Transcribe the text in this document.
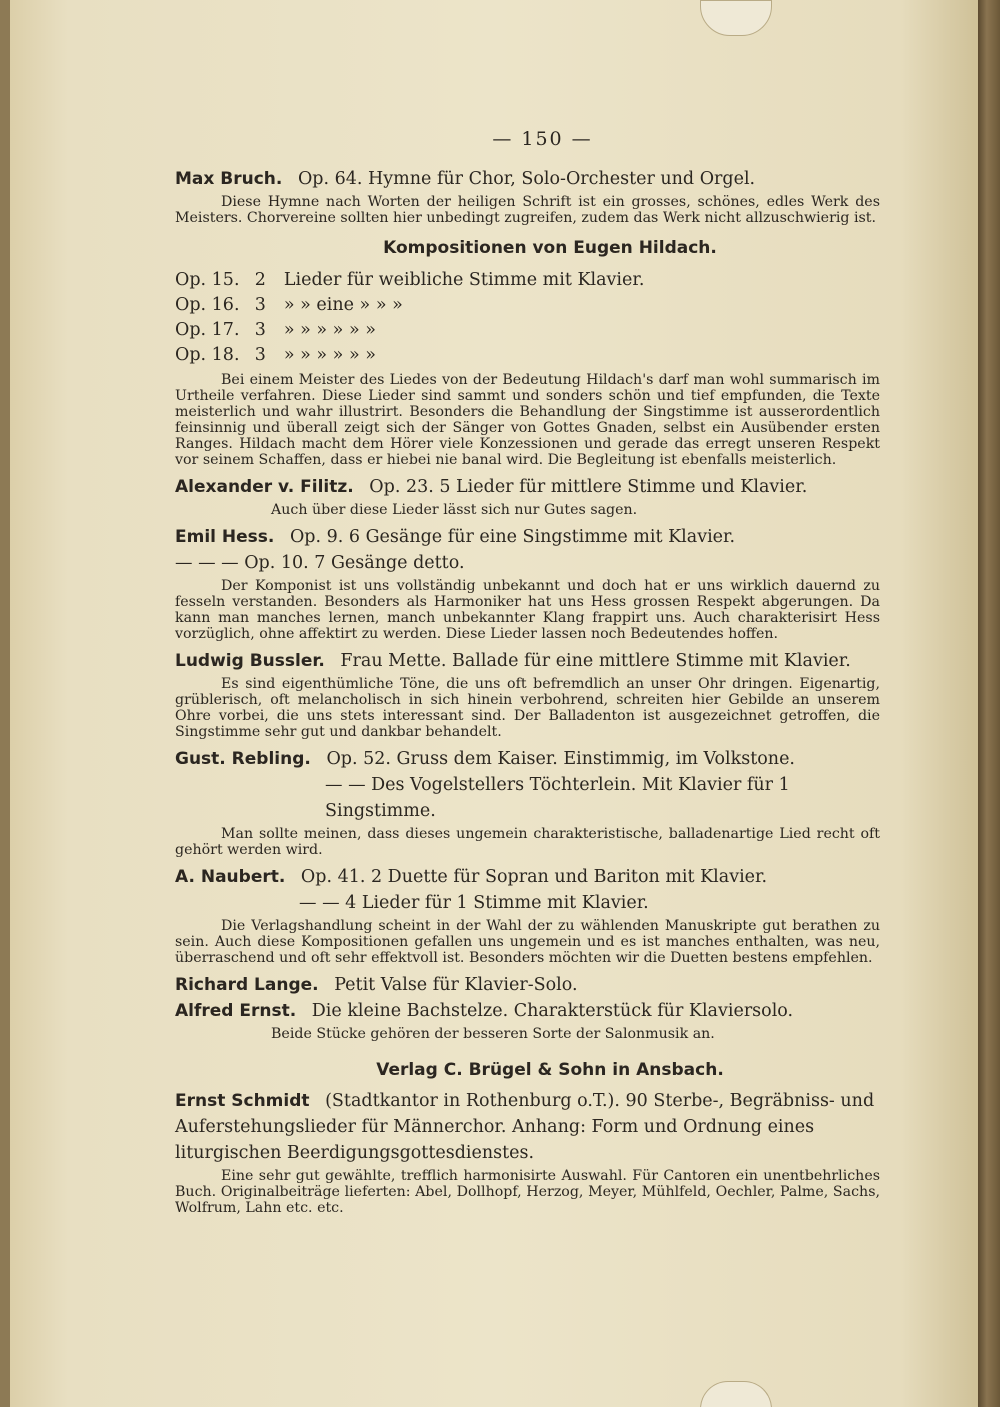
— 150 —

Max Bruch. Op. 64. Hymne für Chor, Solo-Orchester und Orgel.

Diese Hymne nach Worten der heiligen Schrift ist ein grosses, schönes, edles Werk des Meisters. Chorvereine sollten hier unbedingt zugreifen, zudem das Werk nicht allzuschwierig ist.

Kompositionen von Eugen Hildach.
Op. 15.	2	Lieder für weibliche Stimme mit Klavier.
Op. 16.	3	» » eine » » »
Op. 17.	3	» » » » » »
Op. 18.	3	» » » » » »

Bei einem Meister des Liedes von der Bedeutung Hildach's darf man wohl summarisch im Urtheile verfahren. Diese Lieder sind sammt und sonders schön und tief empfunden, die Texte meisterlich und wahr illustrirt. Besonders die Behandlung der Singstimme ist ausserordentlich feinsinnig und überall zeigt sich der Sänger von Gottes Gnaden, selbst ein Ausübender ersten Ranges. Hildach macht dem Hörer viele Konzessionen und gerade das erregt unseren Respekt vor seinem Schaffen, dass er hiebei nie banal wird. Die Begleitung ist ebenfalls meisterlich.

Alexander v. Filitz. Op. 23. 5 Lieder für mittlere Stimme und Klavier.

Auch über diese Lieder lässt sich nur Gutes sagen.

Emil Hess. Op. 9. 6 Gesänge für eine Singstimme mit Klavier.

— — — Op. 10. 7 Gesänge detto.

Der Komponist ist uns vollständig unbekannt und doch hat er uns wirklich dauernd zu fesseln verstanden. Besonders als Harmoniker hat uns Hess grossen Respekt abgerungen. Da kann man manches lernen, manch unbekannter Klang frappirt uns. Auch charakterisirt Hess vorzüglich, ohne affektirt zu werden. Diese Lieder lassen noch Bedeutendes hoffen.

Ludwig Bussler. Frau Mette. Ballade für eine mittlere Stimme mit Klavier.

Es sind eigenthümliche Töne, die uns oft befremdlich an unser Ohr dringen. Eigenartig, grüblerisch, oft melancholisch in sich hinein verbohrend, schreiten hier Gebilde an unserem Ohre vorbei, die uns stets interessant sind. Der Balladenton ist ausgezeichnet getroffen, die Singstimme sehr gut und dankbar behandelt.

Gust. Rebling. Op. 52. Gruss dem Kaiser. Einstimmig, im Volkstone.

— — Des Vogelstellers Töchterlein. Mit Klavier für 1 Singstimme.

Man sollte meinen, dass dieses ungemein charakteristische, balladenartige Lied recht oft gehört werden wird.

A. Naubert. Op. 41. 2 Duette für Sopran und Bariton mit Klavier.

— — 4 Lieder für 1 Stimme mit Klavier.

Die Verlagshandlung scheint in der Wahl der zu wählenden Manuskripte gut berathen zu sein. Auch diese Kompositionen gefallen uns ungemein und es ist manches enthalten, was neu, überraschend und oft sehr effektvoll ist. Besonders möchten wir die Duetten bestens empfehlen.

Richard Lange. Petit Valse für Klavier-Solo.

Alfred Ernst. Die kleine Bachstelze. Charakterstück für Klaviersolo.

Beide Stücke gehören der besseren Sorte der Salonmusik an.

Verlag C. Brügel & Sohn in Ansbach.

Ernst Schmidt (Stadtkantor in Rothenburg o.T.). 90 Sterbe-, Begräbniss- und Auferstehungslieder für Männerchor. Anhang: Form und Ordnung eines liturgischen Beerdigungsgottesdienstes.

Eine sehr gut gewählte, trefflich harmonisirte Auswahl. Für Cantoren ein unentbehrliches Buch. Originalbeiträge lieferten: Abel, Dollhopf, Herzog, Meyer, Mühlfeld, Oechler, Palme, Sachs, Wolfrum, Lahn etc. etc.
